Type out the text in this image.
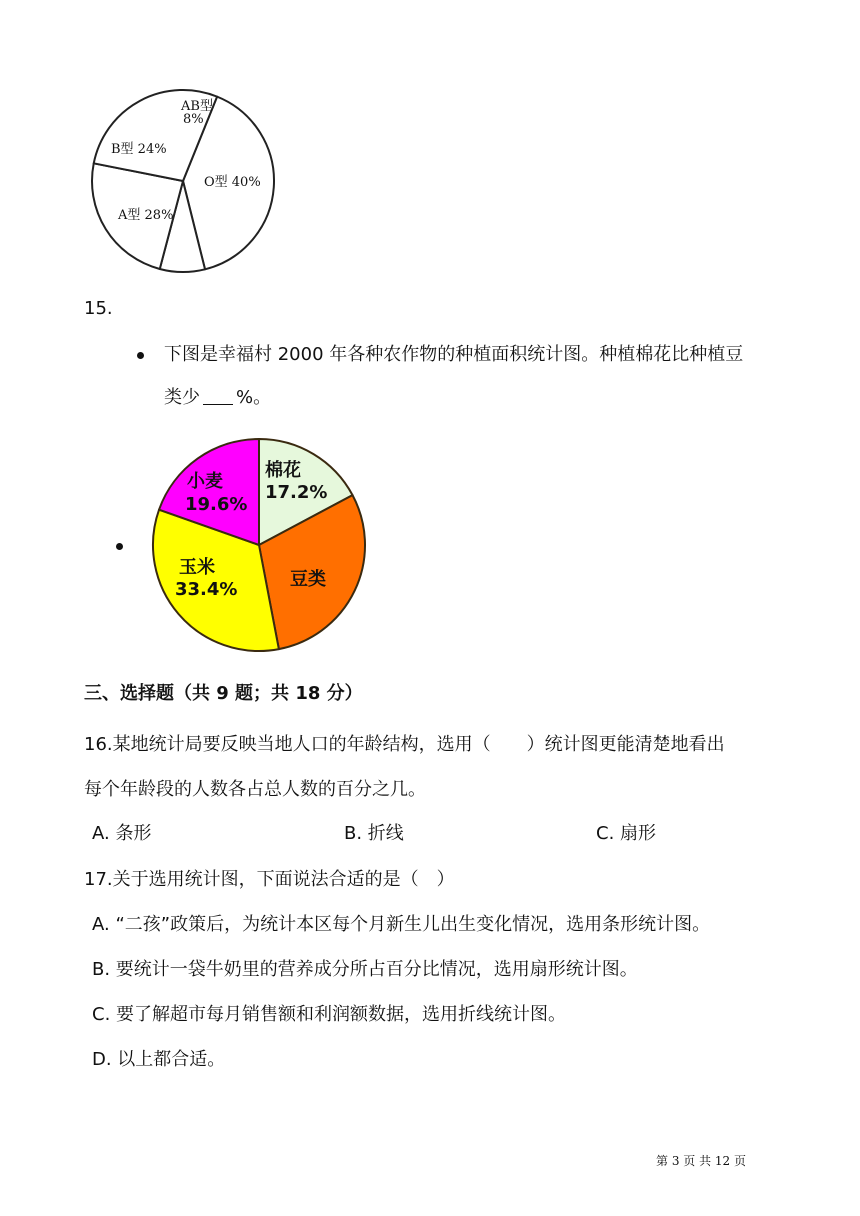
AB型
8%
B型 24%
O型 40%
A型 28%
15.
下图是幸福村 2000 年各种农作物的种植面积统计图。种植棉花比种植豆
类少 %。
棉花
17.2%
小麦
19.6%
玉米
33.4%	豆类
三、选择题（共 9 题；共 18 分）
16.某地统计局要反映当地人口的年龄结构，选用（　　）统计图更能清楚地看出
每个年龄段的人数各占总人数的百分之几。
A. 条形	B. 折线	C. 扇形
17.关于选用统计图，下面说法合适的是（　）
A. “二孩”政策后，为统计本区每个月新生儿出生变化情况，选用条形统计图。
B. 要统计一袋牛奶里的营养成分所占百分比情况，选用扇形统计图。
C. 要了解超市每月销售额和利润额数据，选用折线统计图。
D. 以上都合适。
第 3 页 共 12 页
